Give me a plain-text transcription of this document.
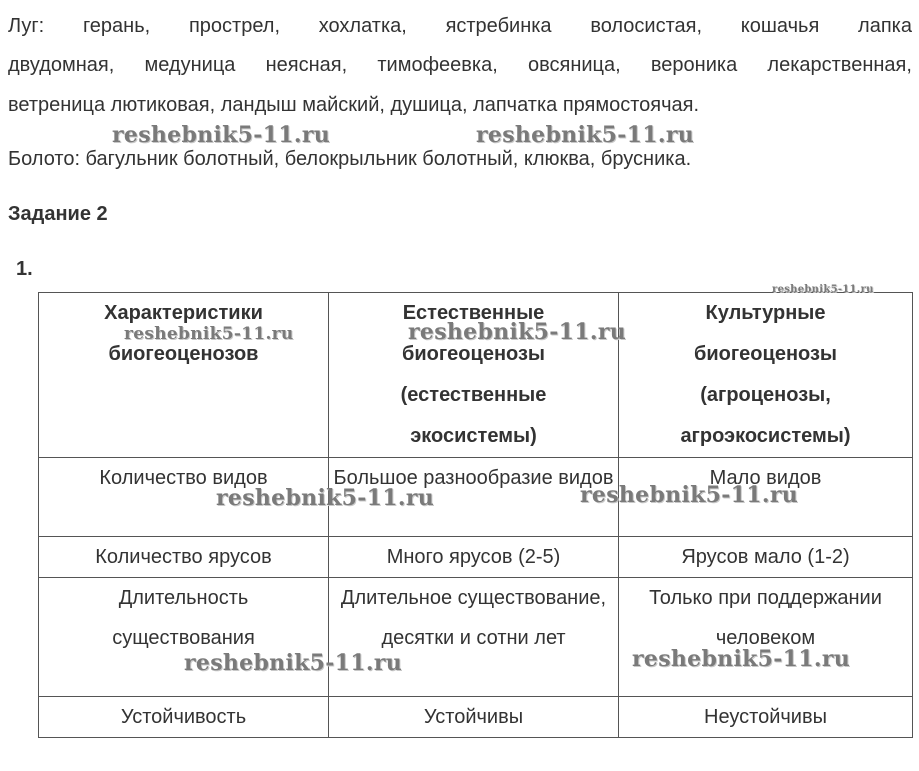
Луг: герань, прострел, хохлатка, ястребинка волосистая, кошачья лапка
двудомная, медуница неясная, тимофеевка, овсяница, вероника лекарственная,
ветреница лютиковая, ландыш майский, душица, лапчатка прямостоячая.
Болото: багульник болотный, белокрыльник болотный, клюква, брусника.
Задание 2
1.
Характеристики биогеоценозов	Естественные биогеоценозы (естественные экосистемы)	Культурные биогеоценозы (агроценозы, агроэкосистемы)
Количество видов	Большое разнообразие видов	Мало видов
Количество ярусов	Много ярусов (2-5)	Ярусов мало (1-2)
Длительность существования	Длительное существование, десятки и сотни лет	Только при поддержании человеком
Устойчивость	Устойчивы	Неустойчивы
reshebnik5-11.ru	reshebnik5-11.ru
reshebnik5-11.ru
reshebnik5-11.ru	reshebnik5-11.ru
reshebnik5-11.ru	reshebnik5-11.ru
reshebnik5-11.ru	reshebnik5-11.ru
